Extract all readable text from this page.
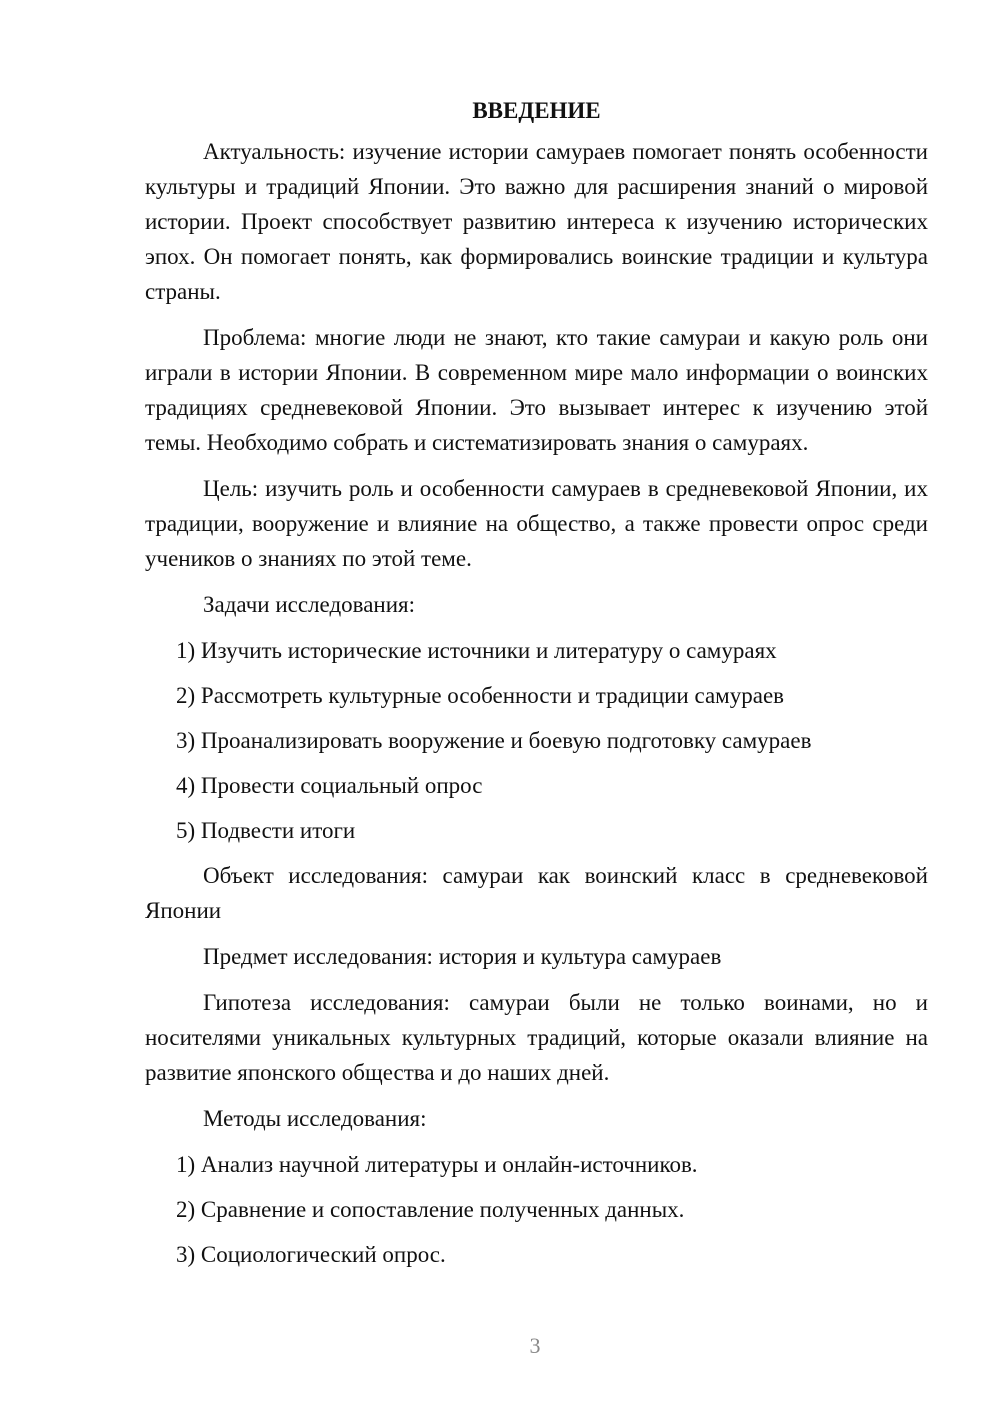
ВВЕДЕНИЕ

Актуальность: изучение истории самураев помогает понять особенности культуры и традиций Японии. Это важно для расширения знаний о мировой истории. Проект способствует развитию интереса к изучению исторических эпох. Он помогает понять, как формировались воинские традиции и культура страны.

Проблема: многие люди не знают, кто такие самураи и какую роль они играли в истории Японии. В современном мире мало информации о воинских традициях средневековой Японии. Это вызывает интерес к изучению этой темы. Необходимо собрать и систематизировать знания о самураях.

Цель: изучить роль и особенности самураев в средневековой Японии, их традиции, вооружение и влияние на общество, а также провести опрос среди учеников о знаниях по этой теме.

Задачи исследования:

1) Изучить исторические источники и литературу о самураях
2) Рассмотреть культурные особенности и традиции самураев
3) Проанализировать вооружение и боевую подготовку самураев
4) Провести социальный опрос
5) Подвести итоги

Объект исследования: самураи как воинский класс в средневековой Японии

Предмет исследования: история и культура самураев

Гипотеза исследования: самураи были не только воинами, но и носителями уникальных культурных традиций, которые оказали влияние на развитие японского общества и до наших дней.

Методы исследования:

1) Анализ научной литературы и онлайн-источников.
2) Сравнение и сопоставление полученных данных.
3) Социологический опрос.
3
